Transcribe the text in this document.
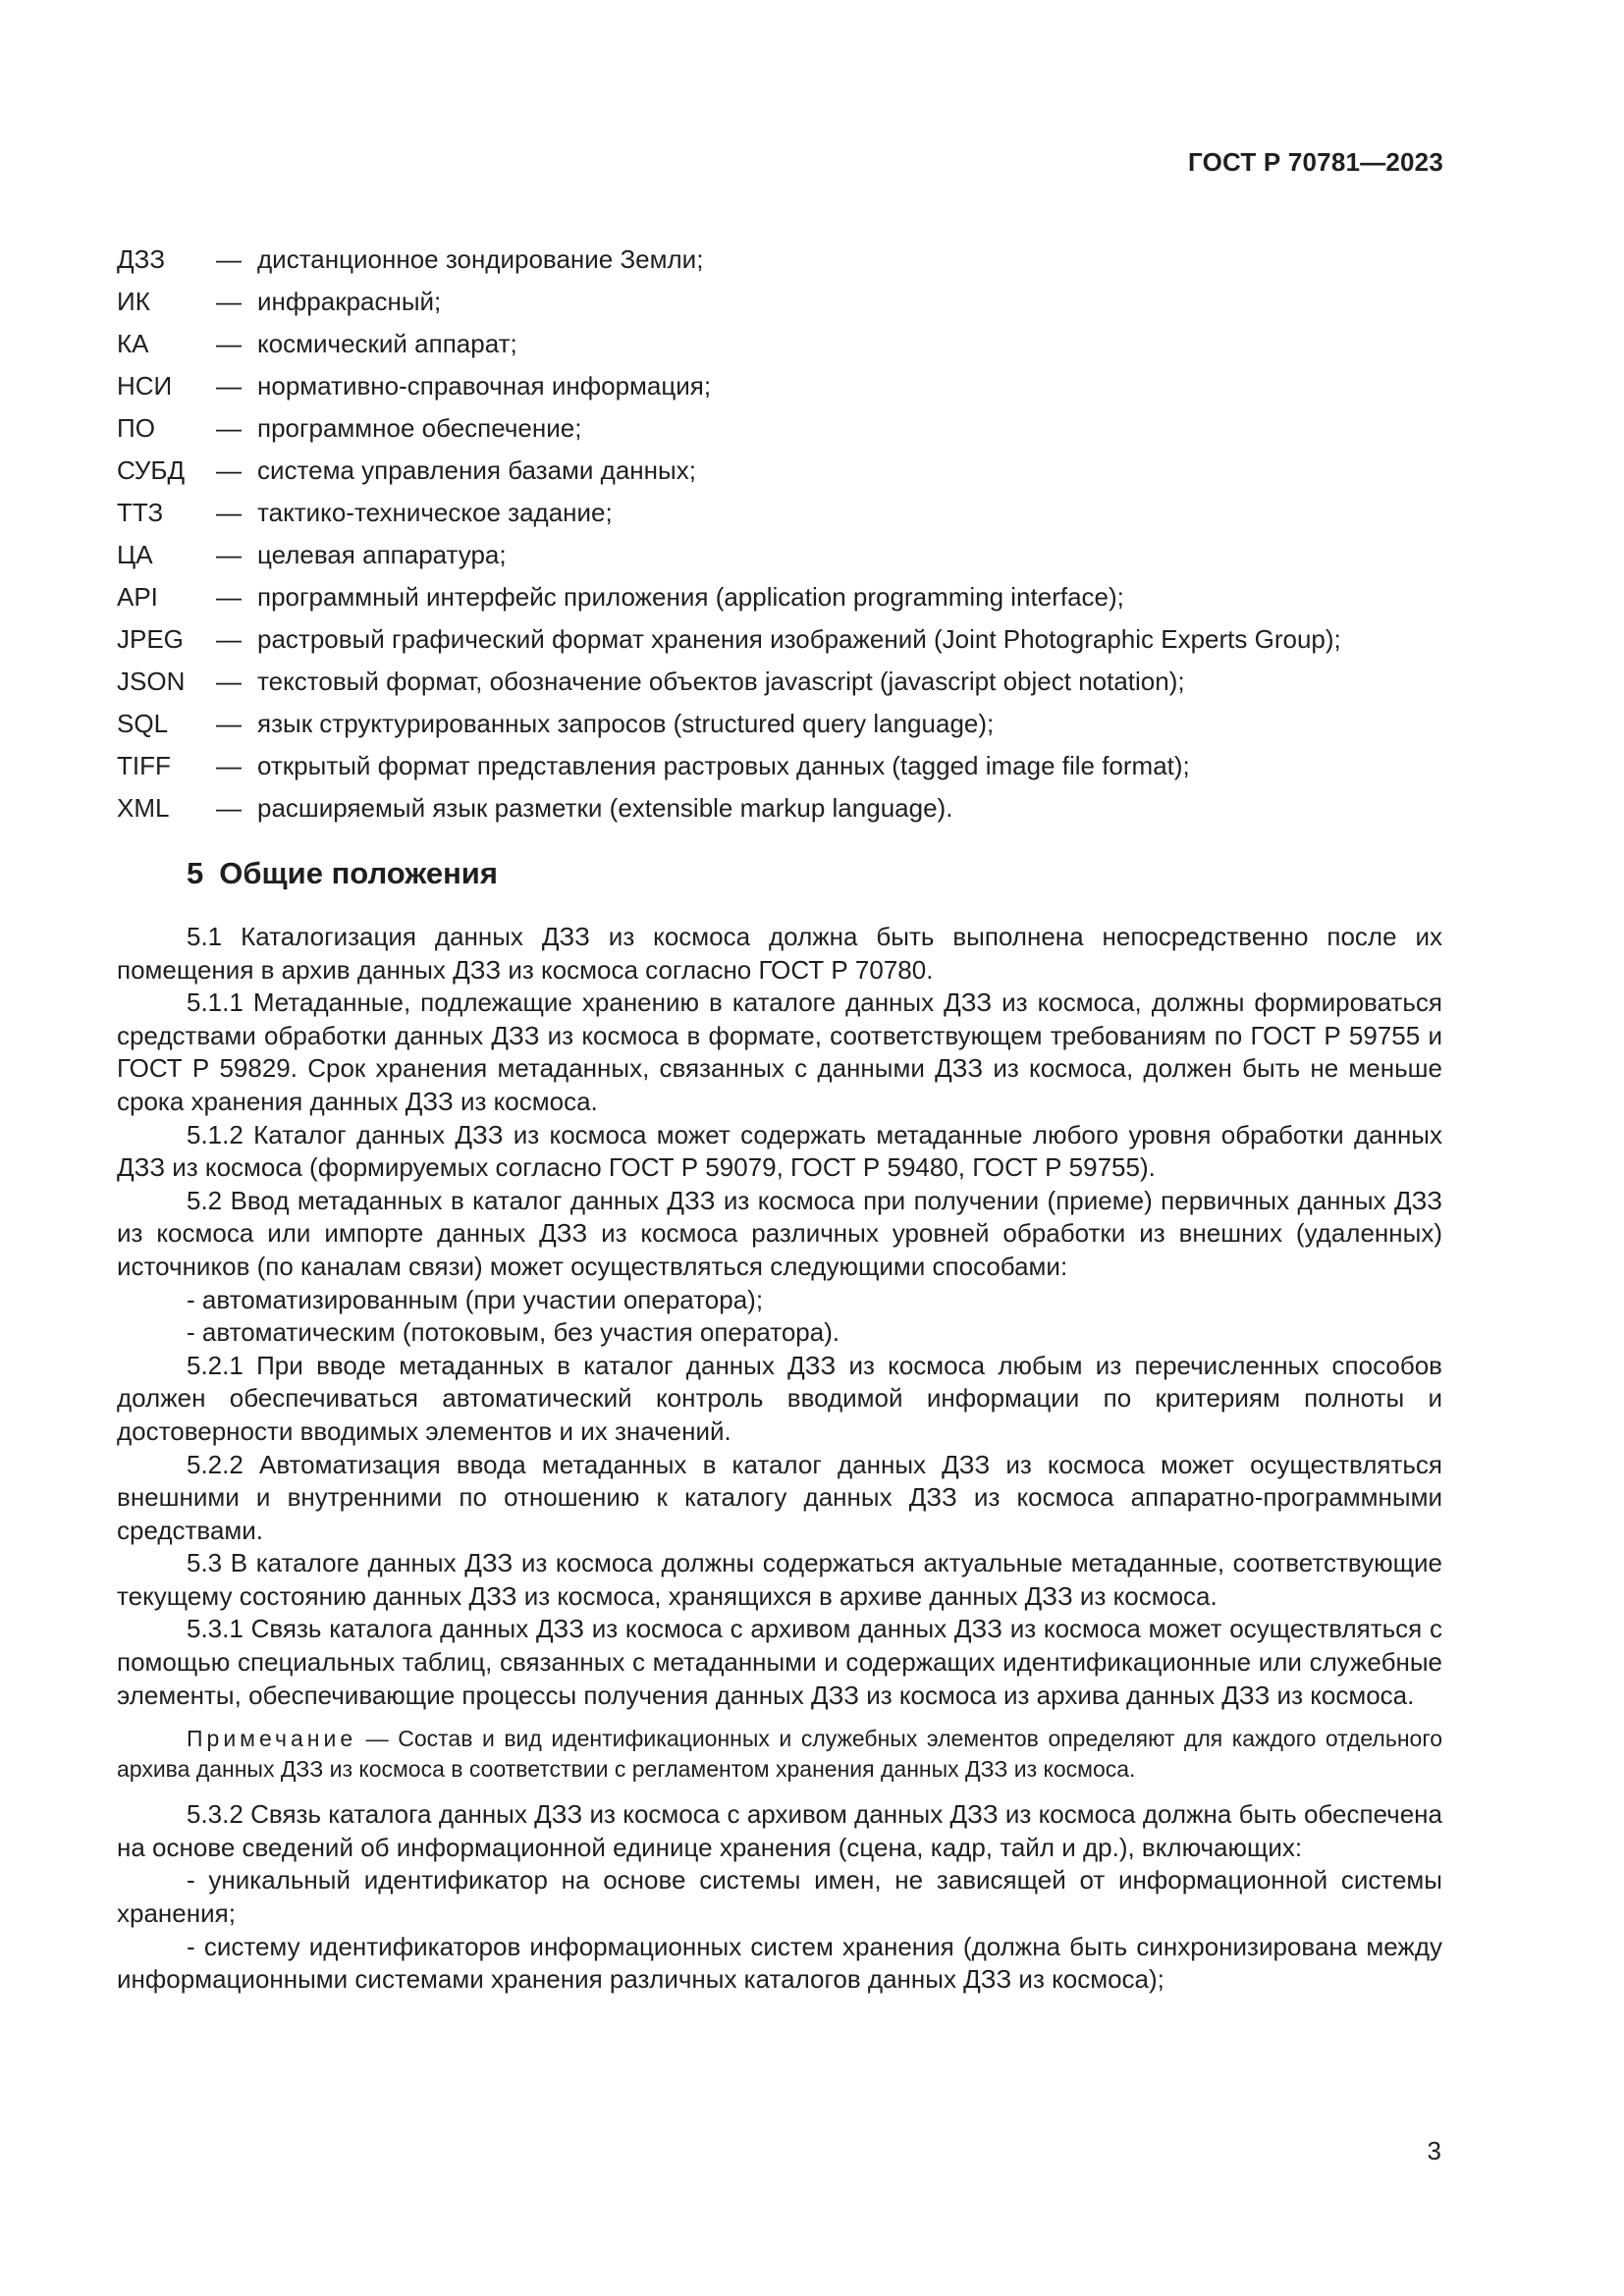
ГОСТ Р 70781—2023
ДЗЗ	— дистанционное зондирование Земли;
ИК	— инфракрасный;
КА	— космический аппарат;
НСИ	— нормативно-справочная информация;
ПО	— программное обеспечение;
СУБД	— система управления базами данных;
ТТЗ	— тактико-техническое задание;
ЦА	— целевая аппаратура;
API	— программный интерфейс приложения (application programming interface);
JPEG	— растровый графический формат хранения изображений (Joint Photographic Experts Group);
JSON	— текстовый формат, обозначение объектов javascript (javascript object notation);
SQL	— язык структурированных запросов (structured query language);
TIFF	— открытый формат представления растровых данных (tagged image file format);
XML	— расширяемый язык разметки (extensible markup language).
5 Общие положения

5.1 Каталогизация данных ДЗЗ из космоса должна быть выполнена непосредственно после их помещения в архив данных ДЗЗ из космоса согласно ГОСТ Р 70780.

5.1.1 Метаданные, подлежащие хранению в каталоге данных ДЗЗ из космоса, должны формироваться средствами обработки данных ДЗЗ из космоса в формате, соответствующем требованиям по ГОСТ Р 59755 и ГОСТ Р 59829. Срок хранения метаданных, связанных с данными ДЗЗ из космоса, должен быть не меньше срока хранения данных ДЗЗ из космоса.

5.1.2 Каталог данных ДЗЗ из космоса может содержать метаданные любого уровня обработки данных ДЗЗ из космоса (формируемых согласно ГОСТ Р 59079, ГОСТ Р 59480, ГОСТ Р 59755).

5.2 Ввод метаданных в каталог данных ДЗЗ из космоса при получении (приеме) первичных данных ДЗЗ из космоса или импорте данных ДЗЗ из космоса различных уровней обработки из внешних (удаленных) источников (по каналам связи) может осуществляться следующими способами:

- автоматизированным (при участии оператора);

- автоматическим (потоковым, без участия оператора).

5.2.1 При вводе метаданных в каталог данных ДЗЗ из космоса любым из перечисленных способов должен обеспечиваться автоматический контроль вводимой информации по критериям полноты и достоверности вводимых элементов и их значений.

5.2.2 Автоматизация ввода метаданных в каталог данных ДЗЗ из космоса может осуществляться внешними и внутренними по отношению к каталогу данных ДЗЗ из космоса аппаратно-программными средствами.

5.3 В каталоге данных ДЗЗ из космоса должны содержаться актуальные метаданные, соответствующие текущему состоянию данных ДЗЗ из космоса, хранящихся в архиве данных ДЗЗ из космоса.

5.3.1 Связь каталога данных ДЗЗ из космоса с архивом данных ДЗЗ из космоса может осуществляться с помощью специальных таблиц, связанных с метаданными и содержащих идентификационные или служебные элементы, обеспечивающие процессы получения данных ДЗЗ из космоса из архива данных ДЗЗ из космоса.

Примечание — Состав и вид идентификационных и служебных элементов определяют для каждого отдельного архива данных ДЗЗ из космоса в соответствии с регламентом хранения данных ДЗЗ из космоса.

5.3.2 Связь каталога данных ДЗЗ из космоса с архивом данных ДЗЗ из космоса должна быть обеспечена на основе сведений об информационной единице хранения (сцена, кадр, тайл и др.), включающих:

- уникальный идентификатор на основе системы имен, не зависящей от информационной системы хранения;

- систему идентификаторов информационных систем хранения (должна быть синхронизирована между информационными системами хранения различных каталогов данных ДЗЗ из космоса);

3
